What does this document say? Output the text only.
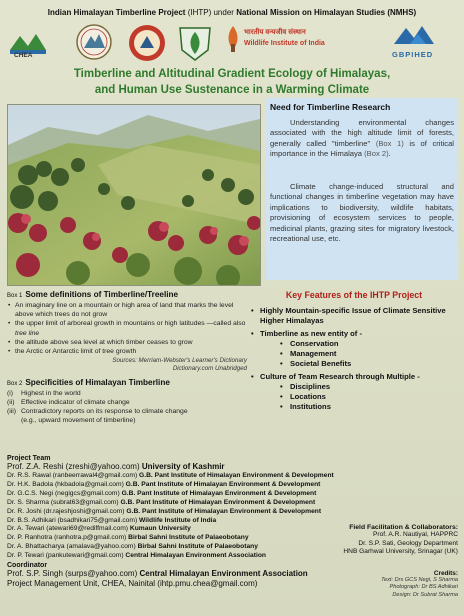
Indian Himalayan Timberline Project (IHTP) under National Mission on Himalayan Studies (NMHS)
CHEA
भारतीय वन्यजीव संस्थान
Wildlife Institute of India
GBPIHED
Timberline and Altitudinal Gradient Ecology of Himalayas,
and Human Use Sustenance in a Warming Climate
Need for Timberline Research

Understanding environmental changes associated with the high altitude limit of forests, generally called "timberline" (Box 1) is of critical importance in the Himalaya (Box 2).

Climate change-induced structural and functional changes in timberline vegetation may have implications to biodiversity, wildlife habitats, provisioning of ecosystem services to people, medicinal plants, grazing sites for migratory livestock, recreational use, etc.

Box 1 Some definitions of Timberline/Treeline
• An imaginary line on a mountain or high area of land that marks the level above which trees do not grow
• the upper limit of arboreal growth in mountains or high latitudes —called also tree line
• the altitude above sea level at which timber ceases to grow
• the Arctic or Antarctic limit of tree growth
Sources: Merriam-Webster's Learner's Dictionary
Dictionary.com Unabridged
Box 2 Specificities of Himalayan Timberline
(i)	Highest in the world
(ii) Effective indicator of climate change
(iii) Contradictory reports on its response to climate change
(e.g., upward movement of timberline)
Key Features of the IHTP Project
• Highly Mountain-specific Issue of Climate Sensitive Higher Himalayas
• Timberline as new entity of -
• Conservation
• Management
• Societal Benefits
• Culture of Team Research through Multiple -
• Disciplines
• Locations
• Institutions
Project Team
Prof. Z.A. Reshi (zreshi@yahoo.com) University of Kashmir
Dr. R.S. Rawal (ranbeerrawal4@gmail.com) G.B. Pant Institute of Himalayan Environment & Development
Dr. H.K. Badola (hkbadola@gmail.com) G.B. Pant Institute of Himalayan Environment & Development
Dr. G.C.S. Negi (negigcs@gmail.com) G.B. Pant Institute of Himalayan Environment & Development
Dr. S. Sharma (subrat63@gmail.com) G.B. Pant Institute of Himalayan Environment & Development
Dr. R. Joshi (dr.rajeshjoshi@gmail.com) G.B. Pant Institute of Himalayan Environment & Development
Dr. B.S. Adhikari (bsadhikari75@gmail.com) Wildlife Institute of India
Dr. A. Tewari (atewari69@rediffmail.com) Kumaun University
Dr. P. Ranhotra (ranhotra.p@gmail.com) Birbal Sahni Institute of Palaeobotany
Dr. A. Bhattacharya (amalava@yahoo.com) Birbal Sahni Institute of Palaeobotany
Dr. P. Tewari (pankutewari@gmail.com) Central Himalayan Environment Association
Coordinator
Prof. S.P. Singh (surps@yahoo.com) Central Himalayan Environment Association
Project Management Unit, CHEA, Nainital (ihtp.pmu.chea@gmail.com)
Field Facilitation & Collaborators:
Prof. A.R. Nautiyal, HAPPRC
Dr. S.P. Sati, Geology Department
HNB Garhwal University, Srinagar (UK)
Credits:
Text: Drs GCS Negi, S Sharma
Photograph: Dr BS Adhikari
Design: Dr Subrat Sharma
